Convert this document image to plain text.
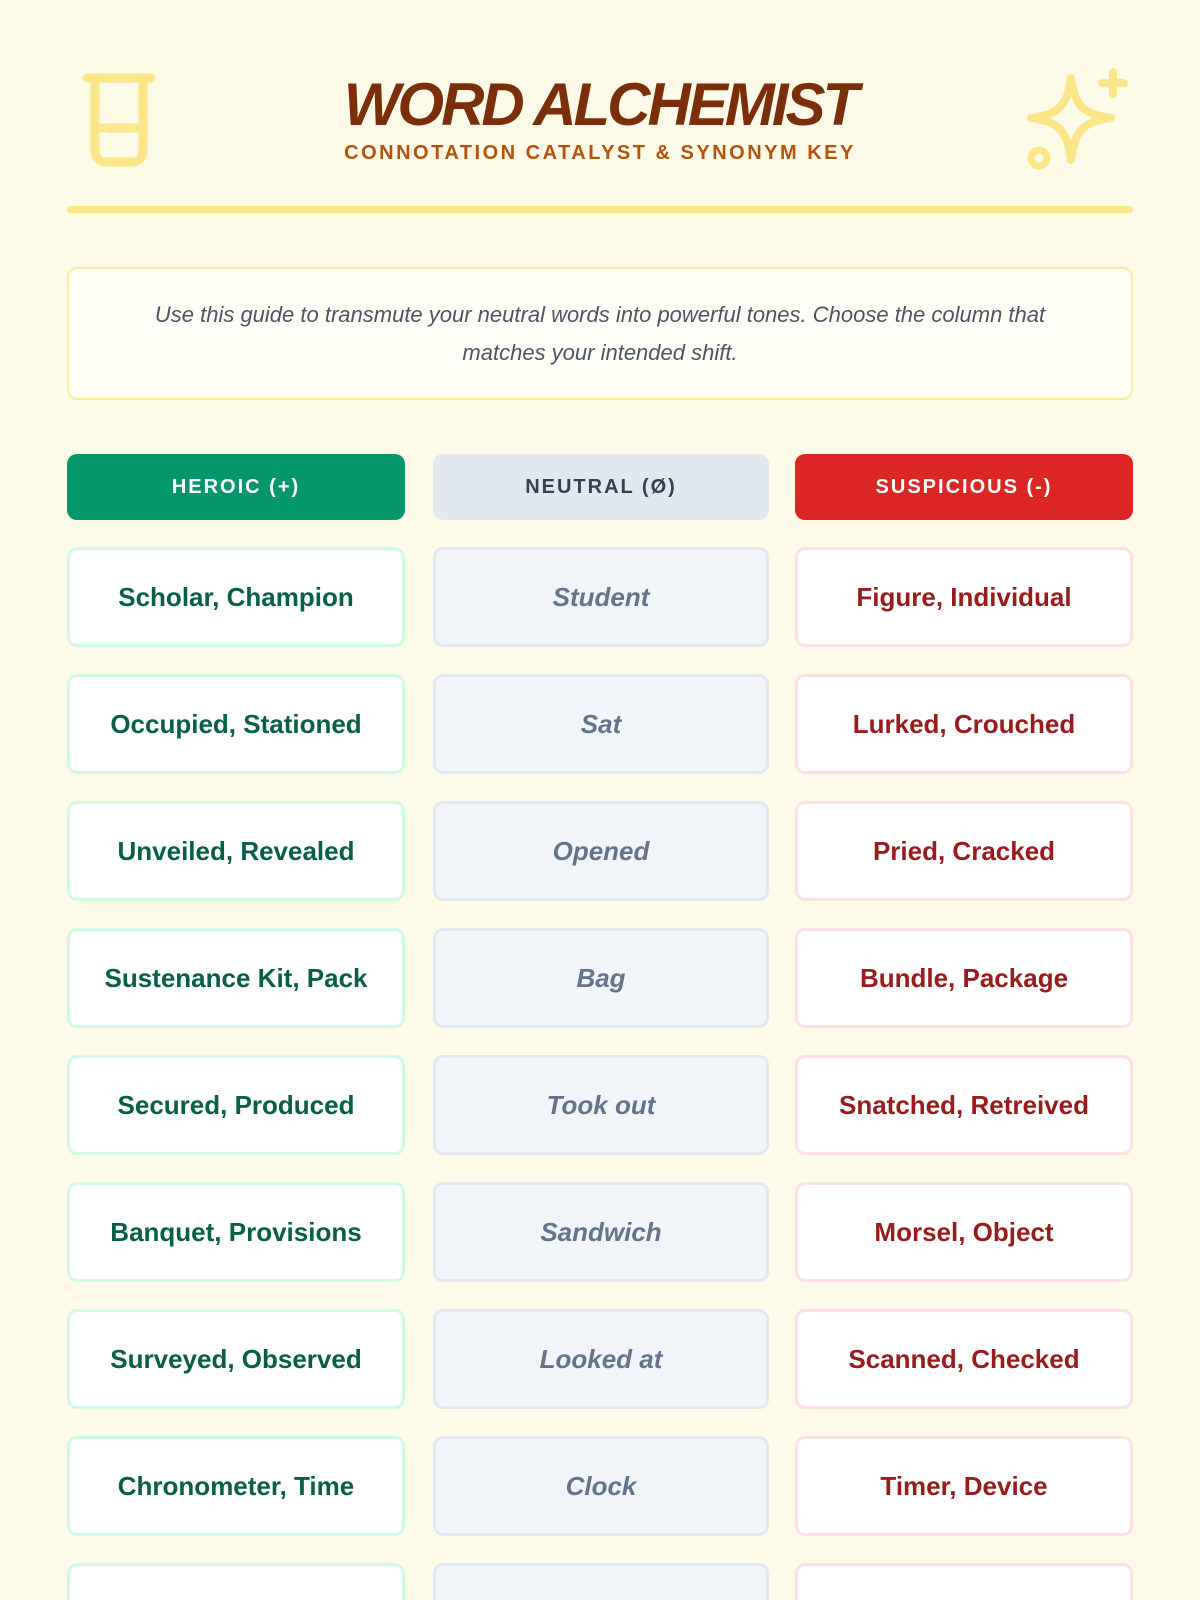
WORD ALCHEMIST
CONNOTATION CATALYST & SYNONYM KEY
Use this guide to transmute your neutral words into powerful tones. Choose the column that matches your intended shift.
HEROIC (+)	NEUTRAL (Ø)	SUSPICIOUS (-)
Scholar, Champion	Student	Figure, Individual
Occupied, Stationed	Sat	Lurked, Crouched
Unveiled, Revealed	Opened	Pried, Cracked
Sustenance Kit, Pack	Bag	Bundle, Package
Secured, Produced	Took out	Snatched, Retreived
Banquet, Provisions	Sandwich	Morsel, Object
Surveyed, Observed	Looked at	Scanned, Checked
Chronometer, Time	Clock	Timer, Device
